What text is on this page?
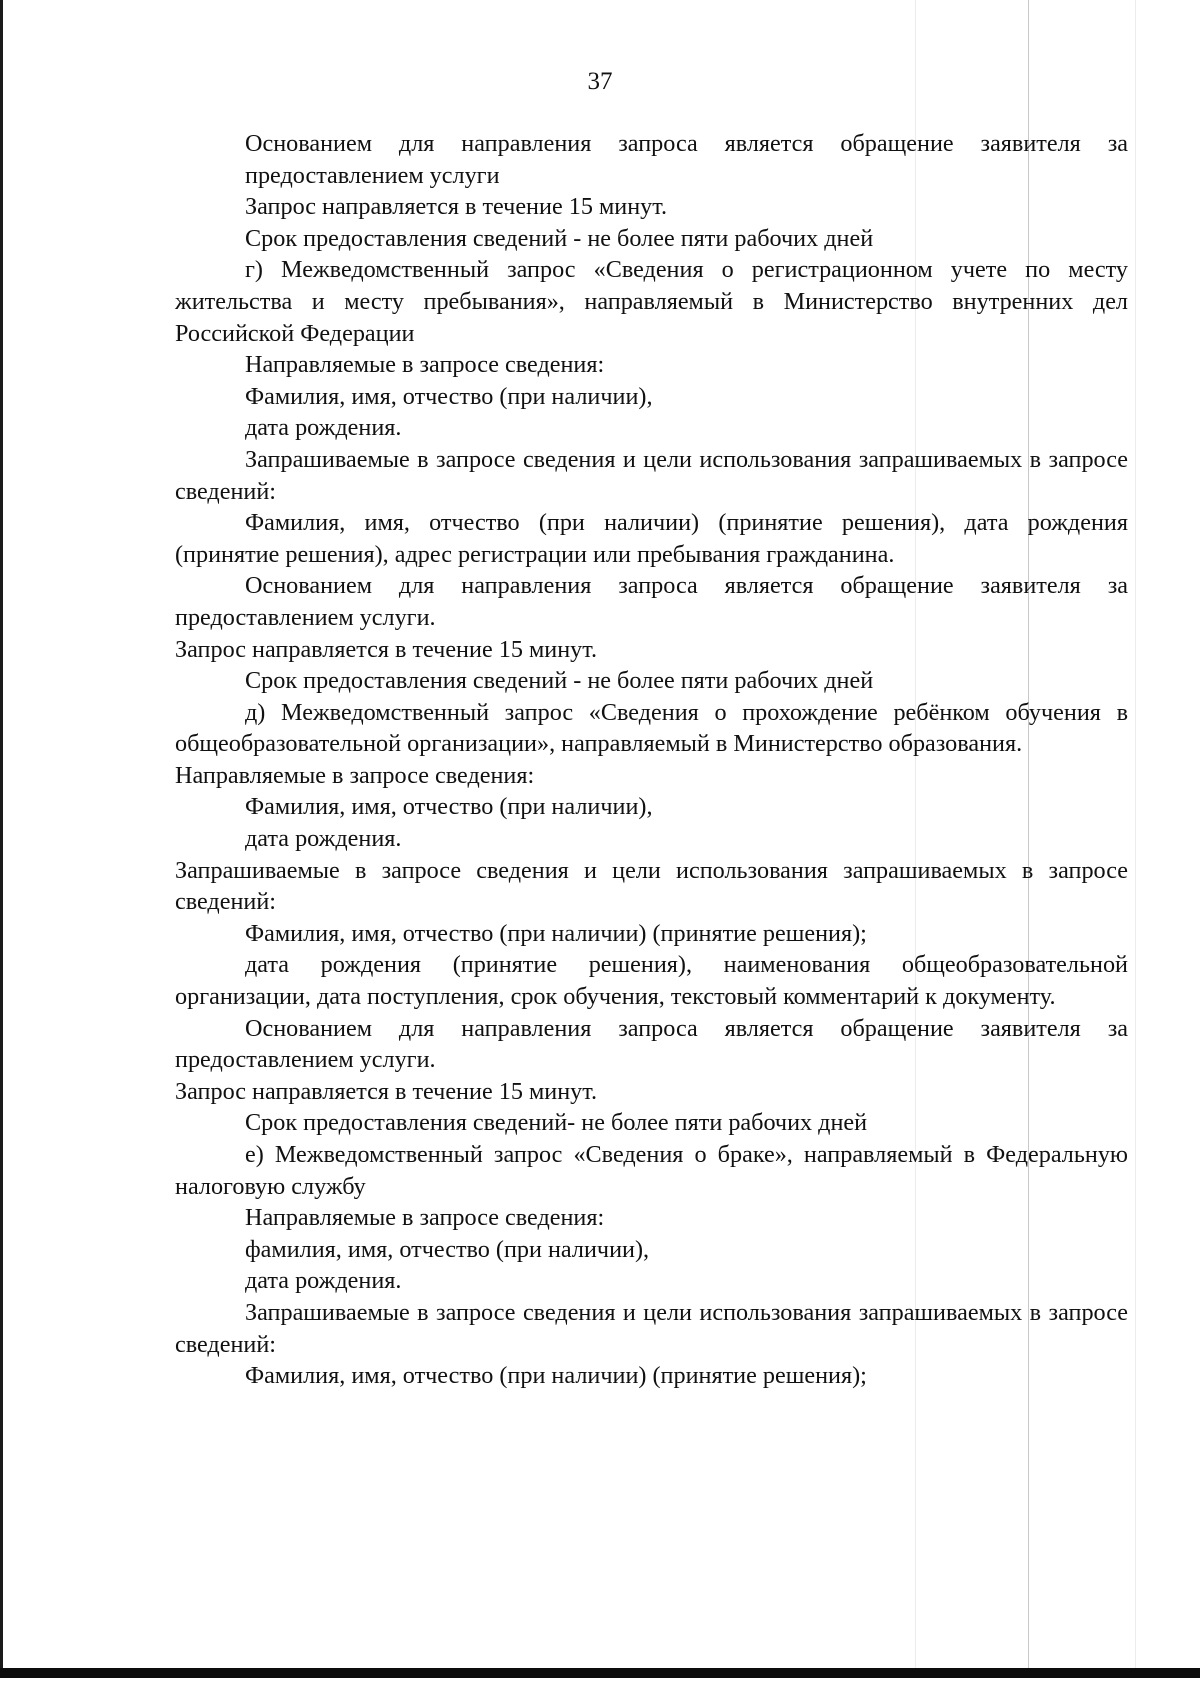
37

Основанием для направления запроса является обращение заявителя за предоставлением услуги

Запрос направляется в течение 15 минут.

Срок предоставления сведений - не более пяти рабочих дней

г) Межведомственный запрос «Сведения о регистрационном учете по месту жительства и месту пребывания», направляемый в Министерство внутренних дел Российской Федерации

Направляемые в запросе сведения:

Фамилия, имя, отчество (при наличии),

дата рождения.

Запрашиваемые в запросе сведения и цели использования запрашиваемых в запросе сведений:

Фамилия, имя, отчество (при наличии) (принятие решения), дата рождения (принятие решения), адрес регистрации или пребывания гражданина.

Основанием для направления запроса является обращение заявителя за предоставлением услуги.

Запрос направляется в течение 15 минут.

Срок предоставления сведений - не более пяти рабочих дней

д) Межведомственный запрос «Сведения о прохождение ребёнком обучения в общеобразовательной организации», направляемый в Министерство образования.

Направляемые в запросе сведения:

Фамилия, имя, отчество (при наличии),

дата рождения.

Запрашиваемые в запросе сведения и цели использования запрашиваемых в запросе сведений:

Фамилия, имя, отчество (при наличии) (принятие решения);

дата рождения (принятие решения), наименования общеобразовательной организации, дата поступления, срок обучения, текстовый комментарий к документу.

Основанием для направления запроса является обращение заявителя за предоставлением услуги.

Запрос направляется в течение 15 минут.

Срок предоставления сведений- не более пяти рабочих дней

е) Межведомственный запрос «Сведения о браке», направляемый в Федеральную налоговую службу

Направляемые в запросе сведения:

фамилия, имя, отчество (при наличии),

дата рождения.

Запрашиваемые в запросе сведения и цели использования запрашиваемых в запросе сведений:

Фамилия, имя, отчество (при наличии) (принятие решения);
